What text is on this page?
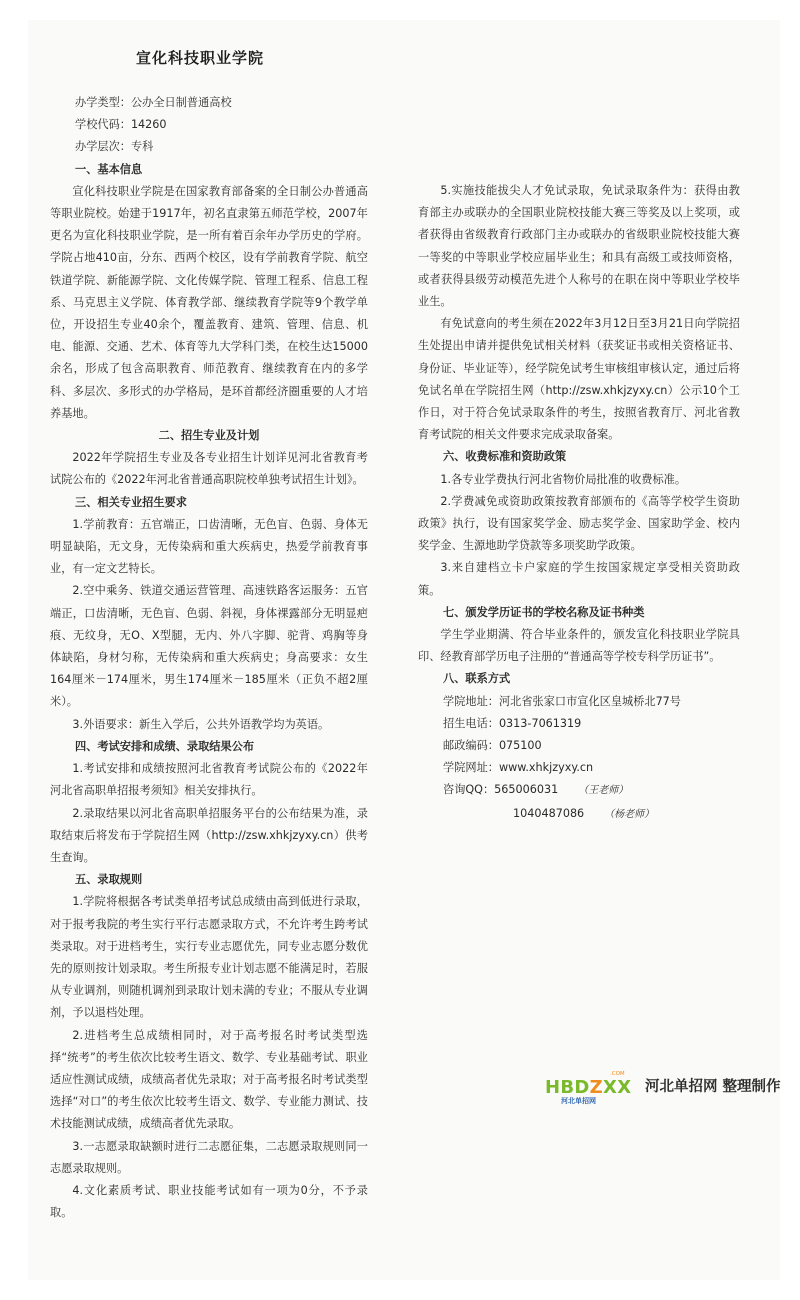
宣化科技职业学院

办学类型：公办全日制普通高校

学校代码：14260

办学层次：专科

一、基本信息

宣化科技职业学院是在国家教育部备案的全日制公办普通高等职业院校。始建于1917年，初名直隶第五师范学校，2007年更名为宣化科技职业学院，是一所有着百余年办学历史的学府。学院占地410亩，分东、西两个校区，设有学前教育学院、航空铁道学院、新能源学院、文化传媒学院、管理工程系、信息工程系、马克思主义学院、体育教学部、继续教育学院等9个教学单位，开设招生专业40余个，覆盖教育、建筑、管理、信息、机电、能源、交通、艺术、体育等九大学科门类，在校生达15000余名，形成了包含高职教育、师范教育、继续教育在内的多学科、多层次、多形式的办学格局，是环首都经济圈重要的人才培养基地。

二、招生专业及计划

2022年学院招生专业及各专业招生计划详见河北省教育考试院公布的《2022年河北省普通高职院校单独考试招生计划》。

三、相关专业招生要求

1.学前教育：五官端正，口齿清晰，无色盲、色弱、身体无明显缺陷，无文身，无传染病和重大疾病史，热爱学前教育事业，有一定文艺特长。

2.空中乘务、铁道交通运营管理、高速铁路客运服务：五官端正，口齿清晰，无色盲、色弱、斜视，身体裸露部分无明显疤痕、无纹身，无O、X型腿，无内、外八字脚、驼背、鸡胸等身体缺陷，身材匀称，无传染病和重大疾病史；身高要求：女生164厘米－174厘米，男生174厘米－185厘米（正负不超2厘米）。

3.外语要求：新生入学后，公共外语教学均为英语。

四、考试安排和成绩、录取结果公布

1.考试安排和成绩按照河北省教育考试院公布的《2022年河北省高职单招报考须知》相关安排执行。

2.录取结果以河北省高职单招服务平台的公布结果为准，录取结束后将发布于学院招生网（http://zsw.xhkjzyxy.cn）供考生查询。

五、录取规则

1.学院将根据各考试类单招考试总成绩由高到低进行录取，对于报考我院的考生实行平行志愿录取方式，不允许考生跨考试类录取。对于进档考生，实行专业志愿优先，同专业志愿分数优先的原则按计划录取。考生所报专业计划志愿不能满足时，若服从专业调剂，则随机调剂到录取计划未满的专业；不服从专业调剂，予以退档处理。

2.进档考生总成绩相同时，对于高考报名时考试类型选择“统考”的考生依次比较考生语文、数学、专业基础考试、职业适应性测试成绩，成绩高者优先录取；对于高考报名时考试类型选择“对口”的考生依次比较考生语文、数学、专业能力测试、技术技能测试成绩，成绩高者优先录取。

3.一志愿录取缺额时进行二志愿征集，二志愿录取规则同一志愿录取规则。

4.文化素质考试、职业技能考试如有一项为0分，不予录取。

5.实施技能拔尖人才免试录取，免试录取条件为：获得由教育部主办或联办的全国职业院校技能大赛三等奖及以上奖项，或者获得由省级教育行政部门主办或联办的省级职业院校技能大赛一等奖的中等职业学校应届毕业生；和具有高级工或技师资格，或者获得县级劳动模范先进个人称号的在职在岗中等职业学校毕业生。

有免试意向的考生须在2022年3月12日至3月21日向学院招生处提出申请并提供免试相关材料（获奖证书或相关资格证书、身份证、毕业证等），经学院免试考生审核组审核认定，通过后将免试名单在学院招生网（http://zsw.xhkjzyxy.cn）公示10个工作日，对于符合免试录取条件的考生，按照省教育厅、河北省教育考试院的相关文件要求完成录取备案。

六、收费标准和资助政策

1.各专业学费执行河北省物价局批准的收费标准。

2.学费减免或资助政策按教育部颁布的《高等学校学生资助政策》执行，设有国家奖学金、励志奖学金、国家助学金、校内奖学金、生源地助学贷款等多项奖助学政策。

3.来自建档立卡户家庭的学生按国家规定享受相关资助政策。

七、颁发学历证书的学校名称及证书种类

学生学业期满、符合毕业条件的，颁发宣化科技职业学院具印、经教育部学历电子注册的“普通高等学校专科学历证书”。

八、联系方式

学院地址：河北省张家口市宣化区皇城桥北77号

招生电话：0313-7061319

邮政编码：075100

学院网址：www.xhkjzyxy.cn

咨询QQ：565006031 （王老师）

1040487086 （杨老师）

.COM
HBDZXX
河北单招网
河北单招网 整理制作
